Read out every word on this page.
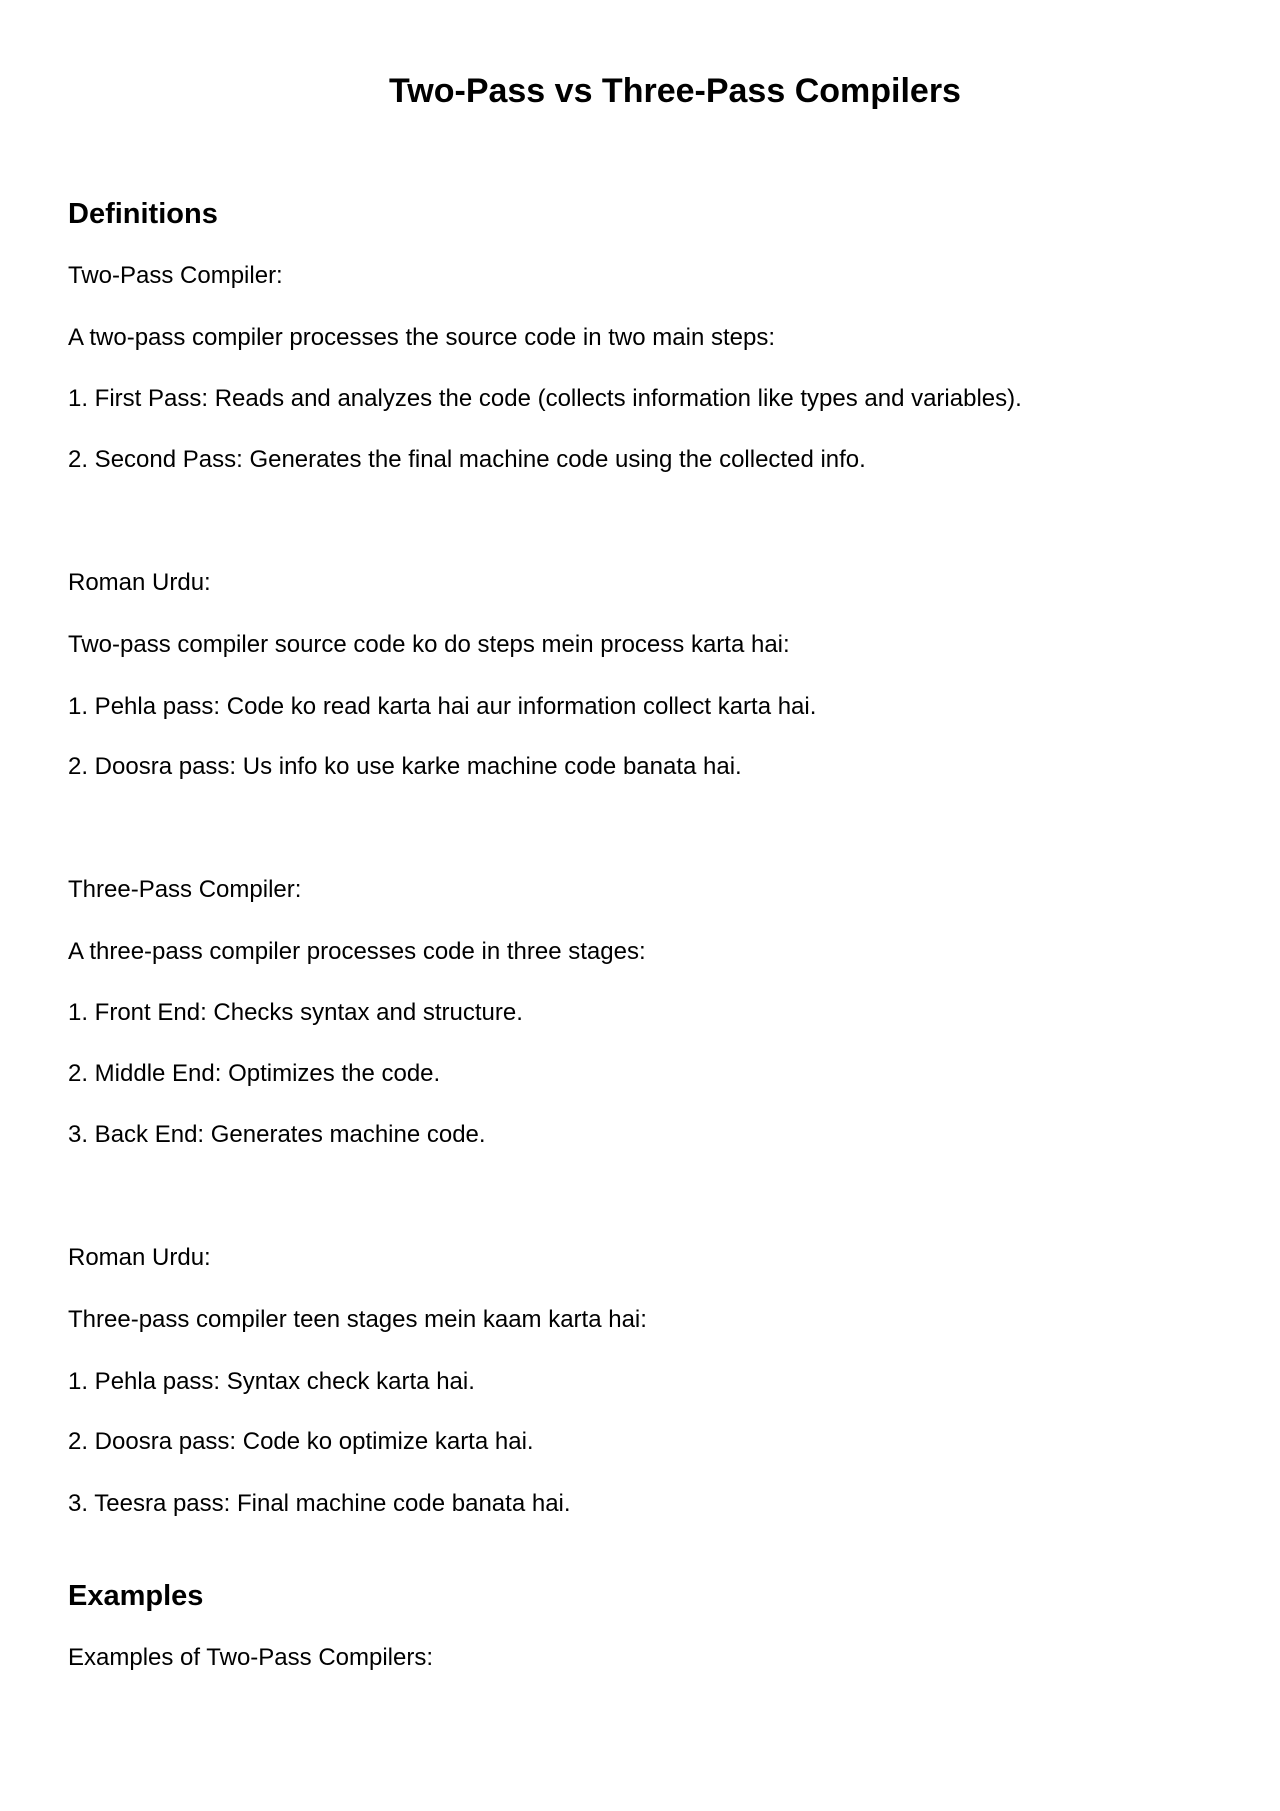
Two-Pass vs Three-Pass Compilers
Definitions
Two-Pass Compiler:
A two-pass compiler processes the source code in two main steps:
1. First Pass: Reads and analyzes the code (collects information like types and variables).
2. Second Pass: Generates the final machine code using the collected info.
Roman Urdu:
Two-pass compiler source code ko do steps mein process karta hai:
1. Pehla pass: Code ko read karta hai aur information collect karta hai.
2. Doosra pass: Us info ko use karke machine code banata hai.
Three-Pass Compiler:
A three-pass compiler processes code in three stages:
1. Front End: Checks syntax and structure.
2. Middle End: Optimizes the code.
3. Back End: Generates machine code.
Roman Urdu:
Three-pass compiler teen stages mein kaam karta hai:
1. Pehla pass: Syntax check karta hai.
2. Doosra pass: Code ko optimize karta hai.
3. Teesra pass: Final machine code banata hai.
Examples
Examples of Two-Pass Compilers:
